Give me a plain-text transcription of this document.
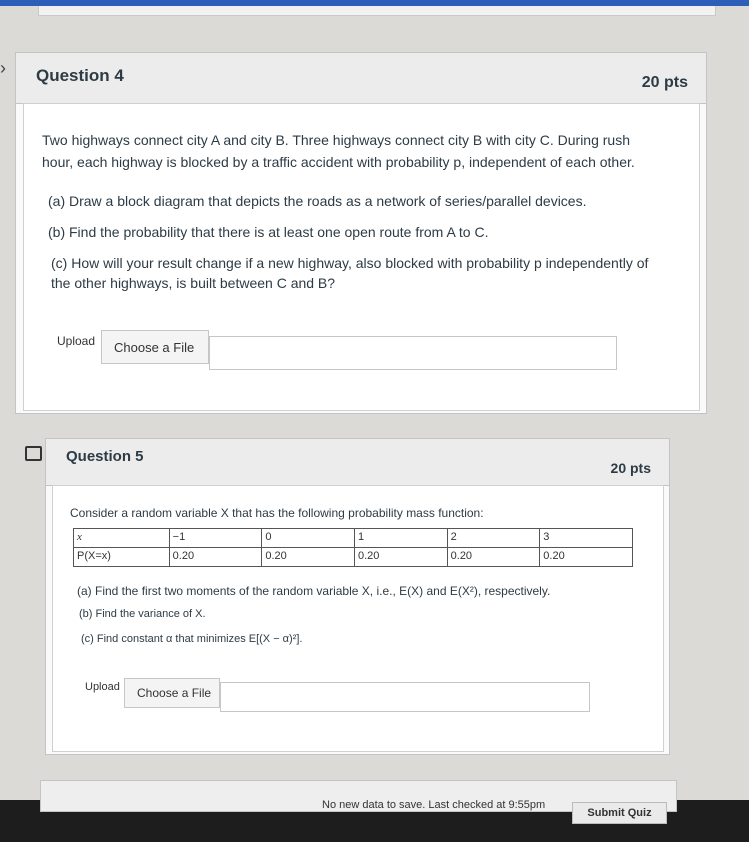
› Question 4	20 pts

Two highways connect city A and city B. Three highways connect city B with city C. During rush hour, each highway is blocked by a traffic accident with probability p, independent of each other.

(a) Draw a block diagram that depicts the roads as a network of series/parallel devices.

(b) Find the probability that there is at least one open route from A to C.

(c) How will your result change if a new highway, also blocked with probability p independently of the other highways, is built between C and B?

Upload	Choose a File
Question 5
20 pts

Consider a random variable X that has the following probability mass function:

x	−1	0	1	2	3
P(X=x)	0.20	0.20	0.20	0.20	0.20

(a) Find the first two moments of the random variable X, i.e., E(X) and E(X²), respectively.

(b) Find the variance of X.

(c) Find constant α that minimizes E[(X − α)²].

Upload	Choose a File
No new data to save. Last checked at 9:55pm
Submit Quiz
